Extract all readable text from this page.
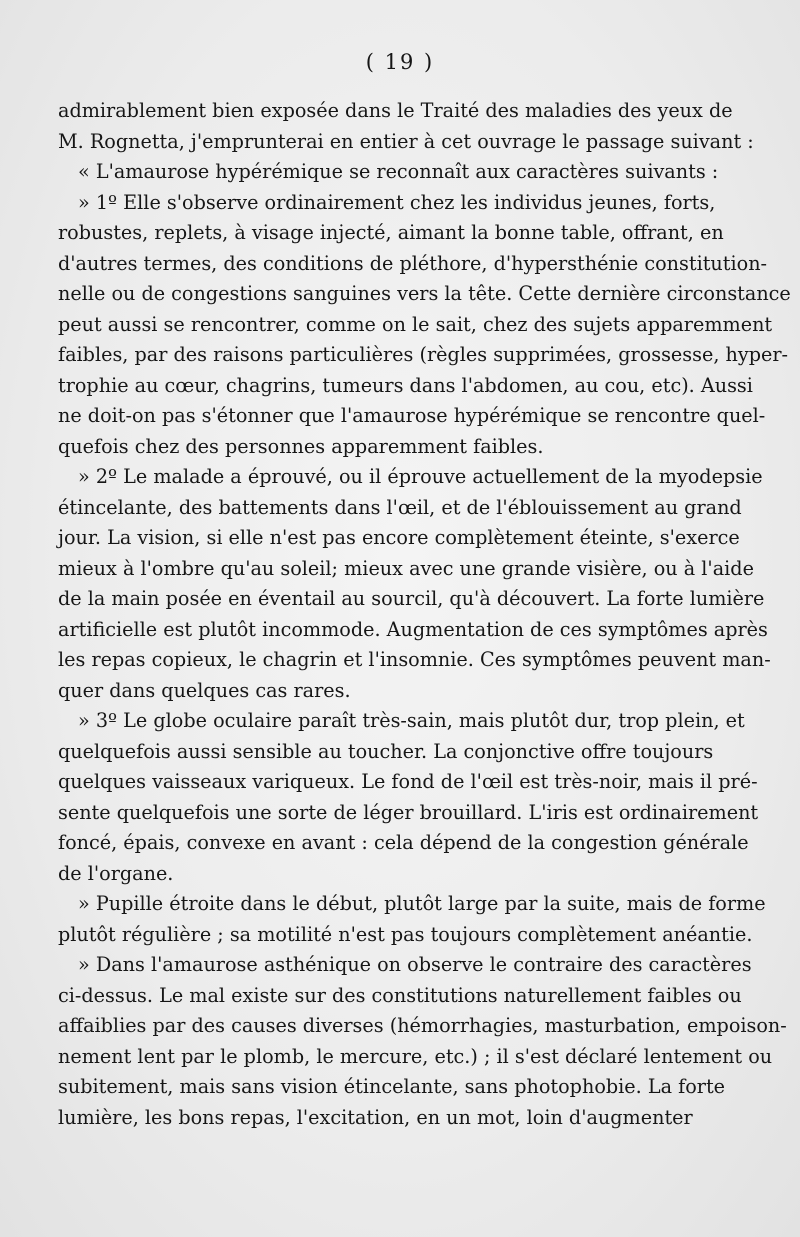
( 19 )
admirablement bien exposée dans le Traité des maladies des yeux de
M. Rognetta, j'emprunterai en entier à cet ouvrage le passage suivant :
« L'amaurose hypérémique se reconnaît aux caractères suivants :
» 1º Elle s'observe ordinairement chez les individus jeunes, forts,
robustes, replets, à visage injecté, aimant la bonne table, offrant, en
d'autres termes, des conditions de pléthore, d'hypersthénie constitution-
nelle ou de congestions sanguines vers la tête. Cette dernière circonstance
peut aussi se rencontrer, comme on le sait, chez des sujets apparemment
faibles, par des raisons particulières (règles supprimées, grossesse, hyper-
trophie au cœur, chagrins, tumeurs dans l'abdomen, au cou, etc). Aussi
ne doit-on pas s'étonner que l'amaurose hypérémique se rencontre quel-
quefois chez des personnes apparemment faibles.
» 2º Le malade a éprouvé, ou il éprouve actuellement de la myodepsie
étincelante, des battements dans l'œil, et de l'éblouissement au grand
jour. La vision, si elle n'est pas encore complètement éteinte, s'exerce
mieux à l'ombre qu'au soleil; mieux avec une grande visière, ou à l'aide
de la main posée en éventail au sourcil, qu'à découvert. La forte lumière
artificielle est plutôt incommode. Augmentation de ces symptômes après
les repas copieux, le chagrin et l'insomnie. Ces symptômes peuvent man-
quer dans quelques cas rares.
» 3º Le globe oculaire paraît très-sain, mais plutôt dur, trop plein, et
quelquefois aussi sensible au toucher. La conjonctive offre toujours
quelques vaisseaux variqueux. Le fond de l'œil est très-noir, mais il pré-
sente quelquefois une sorte de léger brouillard. L'iris est ordinairement
foncé, épais, convexe en avant : cela dépend de la congestion générale
de l'organe.
» Pupille étroite dans le début, plutôt large par la suite, mais de forme
plutôt régulière ; sa motilité n'est pas toujours complètement anéantie.
» Dans l'amaurose asthénique on observe le contraire des caractères
ci-dessus. Le mal existe sur des constitutions naturellement faibles ou
affaiblies par des causes diverses (hémorrhagies, masturbation, empoison-
nement lent par le plomb, le mercure, etc.) ; il s'est déclaré lentement ou
subitement, mais sans vision étincelante, sans photophobie. La forte
lumière, les bons repas, l'excitation, en un mot, loin d'augmenter
